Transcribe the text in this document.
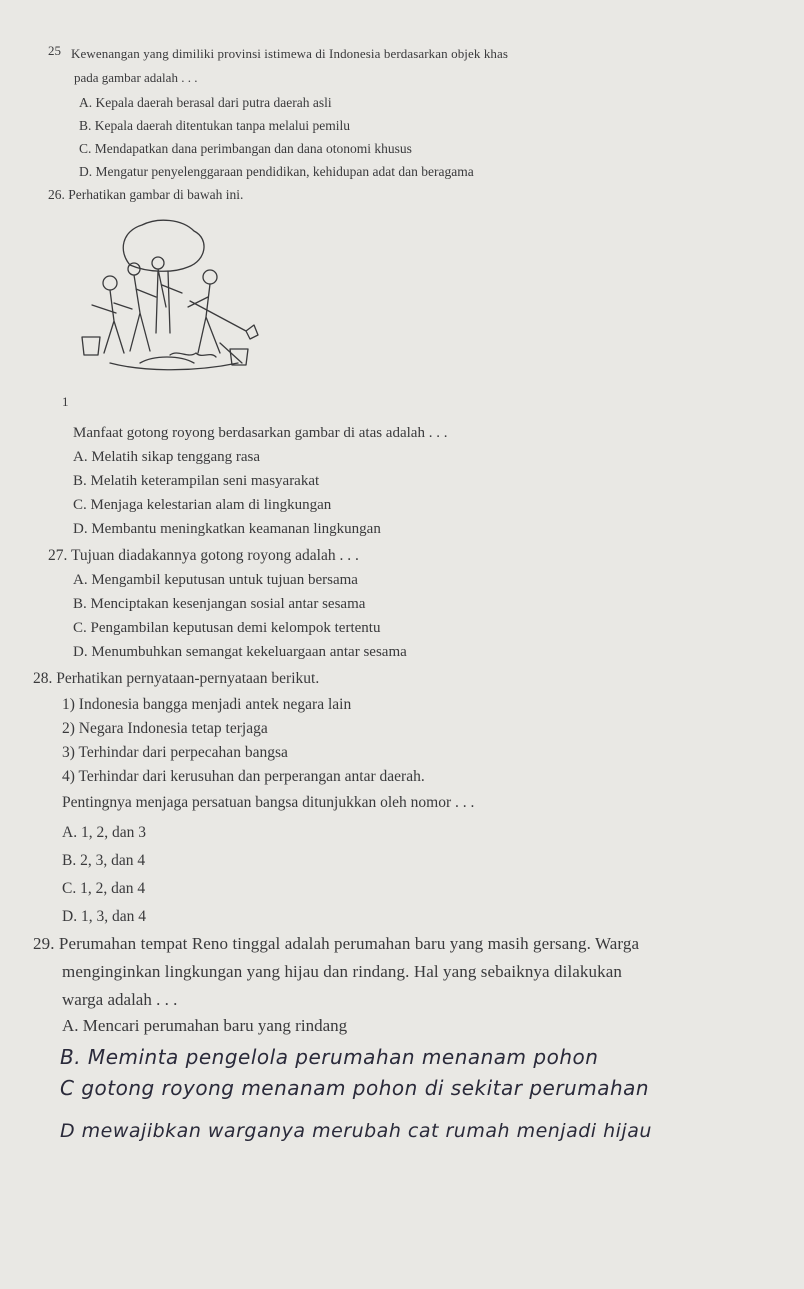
25 Kewenangan yang dimiliki provinsi istimewa di Indonesia berdasarkan objek khas
pada gambar adalah . . .
A. Kepala daerah berasal dari putra daerah asli
B. Kepala daerah ditentukan tanpa melalui pemilu
C. Mendapatkan dana perimbangan dan dana otonomi khusus
D. Mengatur penyelenggaraan pendidikan, kehidupan adat dan beragama
26. Perhatikan gambar di bawah ini.
1
Manfaat gotong royong berdasarkan gambar di atas adalah . . .
A. Melatih sikap tenggang rasa
B. Melatih keterampilan seni masyarakat
C. Menjaga kelestarian alam di lingkungan
D. Membantu meningkatkan keamanan lingkungan
27. Tujuan diadakannya gotong royong adalah . . .
A. Mengambil keputusan untuk tujuan bersama
B. Menciptakan kesenjangan sosial antar sesama
C. Pengambilan keputusan demi kelompok tertentu
D. Menumbuhkan semangat kekeluargaan antar sesama
28. Perhatikan pernyataan-pernyataan berikut.
1) Indonesia bangga menjadi antek negara lain
2) Negara Indonesia tetap terjaga
3) Terhindar dari perpecahan bangsa
4) Terhindar dari kerusuhan dan perperangan antar daerah.
Pentingnya menjaga persatuan bangsa ditunjukkan oleh nomor . . .
A. 1, 2, dan 3
B. 2, 3, dan 4
C. 1, 2, dan 4
D. 1, 3, dan 4
29. Perumahan tempat Reno tinggal adalah perumahan baru yang masih gersang. Warga
menginginkan lingkungan yang hijau dan rindang. Hal yang sebaiknya dilakukan
warga adalah . . .
A. Mencari perumahan baru yang rindang
B. Meminta pengelola perumahan menanam pohon
C gotong royong menanam pohon di sekitar perumahan
D mewajibkan warganya merubah cat rumah menjadi hijau
